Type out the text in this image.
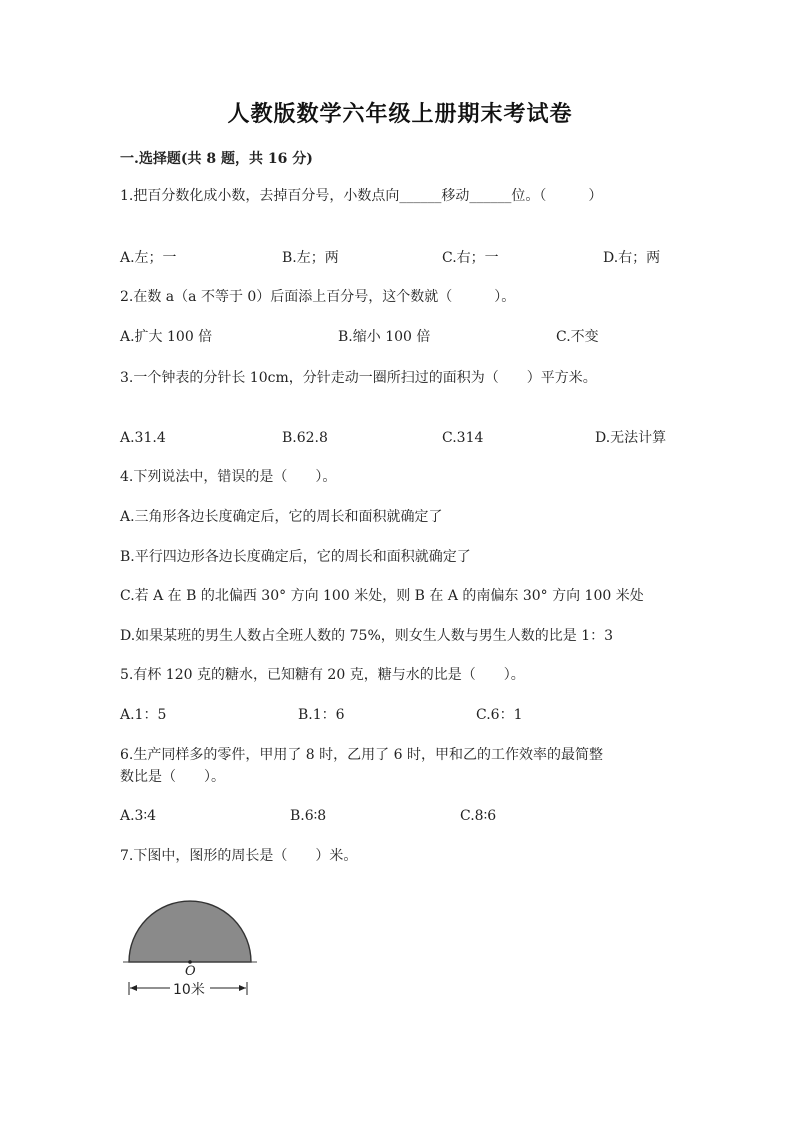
人教版数学六年级上册期末考试卷
一.选择题(共 8 题，共 16 分)
1.把百分数化成小数，去掉百分号，小数点向______移动______位。（　　　）
A.左；一	B.左；两	C.右；一	D.右；两
2.在数 a（a 不等于 0）后面添上百分号，这个数就（　　　）。
A.扩大 100 倍	B.缩小 100 倍	C.不变
3.一个钟表的分针长 10cm，分针走动一圈所扫过的面积为（　　）平方米。
A.31.4	B.62.8	C.314	D.无法计算
4.下列说法中，错误的是（　　）。
A.三角形各边长度确定后，它的周长和面积就确定了
B.平行四边形各边长度确定后，它的周长和面积就确定了
C.若 A 在 B 的北偏西 30° 方向 100 米处，则 B 在 A 的南偏东 30° 方向 100 米处
D.如果某班的男生人数占全班人数的 75%，则女生人数与男生人数的比是 1：3
5.有杯 120 克的糖水，已知糖有 20 克，糖与水的比是（　　）。
A.1：5	B.1：6	C.6：1
6.生产同样多的零件，甲用了 8 时，乙用了 6 时，甲和乙的工作效率的最简整
数比是（　　）。
A.3∶4	B.6∶8	C.8∶6
7.下图中，图形的周长是（　　）米。
O
10米
